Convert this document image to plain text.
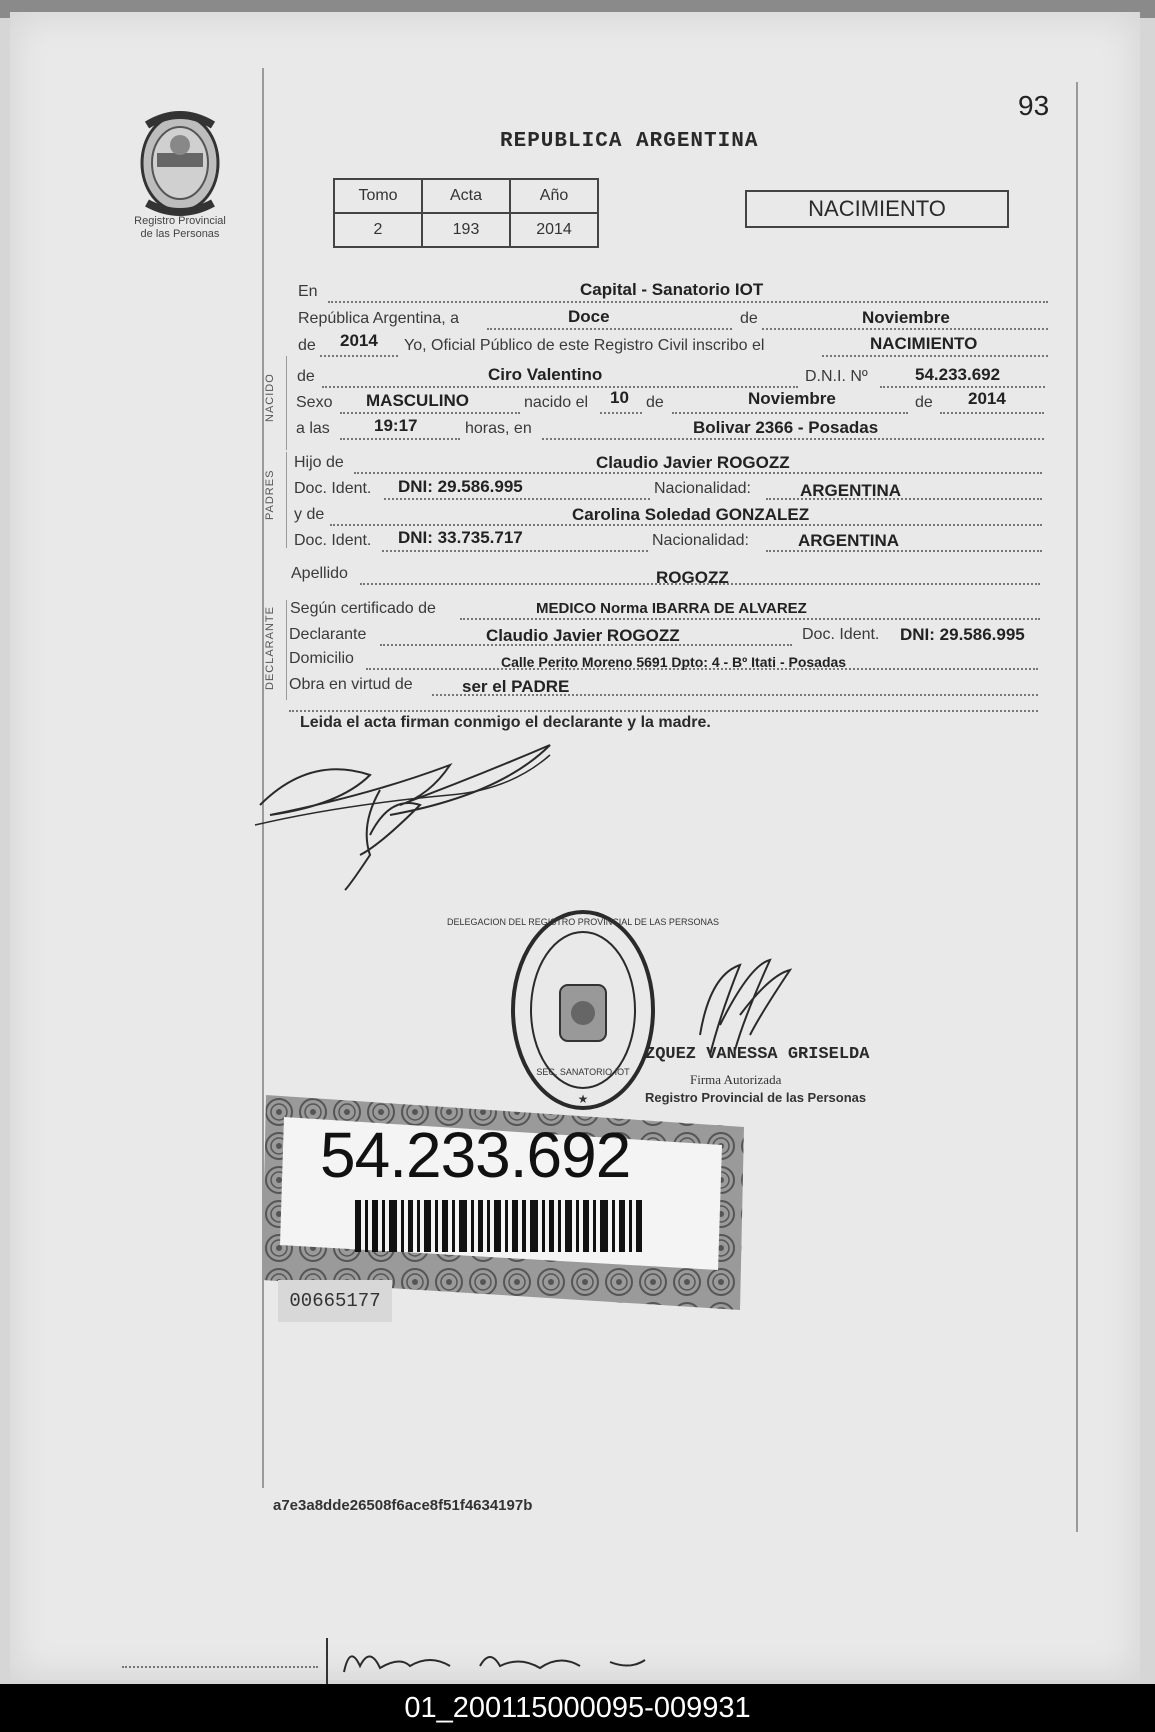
Registro Provincial
de las Personas
93
REPUBLICA ARGENTINA
Tomo	Acta	Año
2	193	2014
NACIMIENTO
NACIDO
PADRES
DECLARANTE
En	Capital - Sanatorio IOT
República Argentina, a	Doce	de	Noviembre
de 2014 Yo, Oficial Público de este Registro Civil inscribo el	NACIMIENTO
de	Ciro Valentino	D.N.I. Nº	54.233.692
Sexo MASCULINO	nacido el 10 de	Noviembre	de 2014
a las	19:17	horas, en	Bolivar 2366 - Posadas
Hijo de	Claudio Javier ROGOZZ
Doc. Ident. DNI: 29.586.995	Nacionalidad:	ARGENTINA
y de	Carolina Soledad GONZALEZ
Doc. Ident. DNI: 33.735.717	Nacionalidad:	ARGENTINA
Apellido	ROGOZZ
Según certificado de	MEDICO Norma IBARRA DE ALVAREZ
Declarante	Claudio Javier ROGOZZ	Doc. Ident. DNI: 29.586.995
Domicilio	Calle Perito Moreno 5691 Dpto: 4 - Bº Itati - Posadas
Obra en virtud de	ser el PADRE
Leida el acta firman conmigo el declarante y la madre.
DELEGACION DEL REGISTRO PROVINCIAL DE LAS PERSONAS
SEC. SANATORIO IOT
★
ZQUEZ VANESSA GRISELDA
Firma Autorizada
Registro Provincial de las Personas
54.233.692
00665177
a7e3a8dde26508f6ace8f51f4634197b
01_200115000095-009931
